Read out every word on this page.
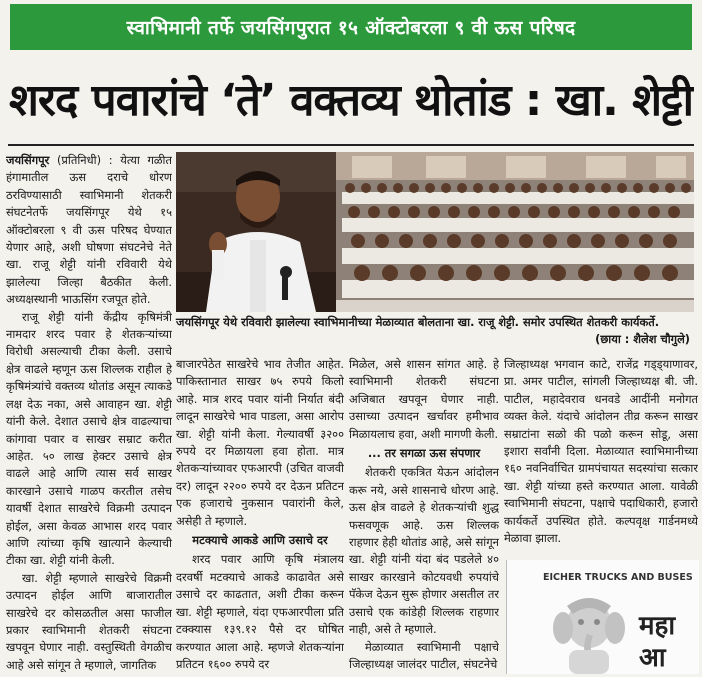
स्वाभिमानी तर्फे जयसिंगपुरात १५ ऑक्टोबरला ९ वी ऊस परिषद
शरद पवारांचे ‘ते’ वक्तव्य थोतांड : खा. शेट्टी

जयसिंगपूर (प्रतिनिधी) : येत्या गळीत हंगामातील ऊस दराचे धोरण ठरविण्यासाठी स्वाभिमानी शेतकरी संघटनेतर्फे जयसिंगपूर येथे १५ ऑक्टोबरला ९ वी ऊस परिषद घेण्यात येणार आहे, अशी घोषणा संघटनेचे नेते खा. राजू शेट्टी यांनी रविवारी येथे झालेल्या जिल्हा बैठकीत केली. अध्यक्षस्थानी भाऊसिंग रजपूत होते.

राजू शेट्टी यांनी केंद्रीय कृषिमंत्री नामदार शरद पवार हे शेतकऱ्यांच्या विरोधी असल्याची टीका केली. उसाचे क्षेत्र वाढले म्हणून ऊस शिल्लक राहील हे कृषिमंत्र्यांचे वक्तव्य थोतांड असून त्याकडे लक्ष देऊ नका, असे आवाहन खा. शेट्टी यांनी केले. देशात उसाचे क्षेत्र वाढल्याचा कांगावा पवार व साखर सम्राट करीत आहेत. ५० लाख हेक्टर उसाचे क्षेत्र वाढले आहे आणि त्यास सर्व साखर कारखाने उसाचे गाळप करतील तसेच यावर्षी देशात साखरेचे विक्रमी उत्पादन होईल, असा केवळ आभास शरद पवार आणि त्यांच्या कृषि खात्याने केल्याची टीका खा. शेट्टी यांनी केली.

खा. शेट्टी म्हणाले साखरेचे विक्रमी उत्पादन होईल आणि बाजारातील साखरेचे दर कोसळतील असा फाजील प्रकार स्वाभिमानी शेतकरी संघटना खपवून घेणार नाही. वस्तुस्थिती वेगळीच आहे असे सांगून ते म्हणाले, जागतिक

जयसिंगपूर येथे रविवारी झालेल्या स्वाभिमानीच्या मेळाव्यात बोलताना खा. राजू शेट्टी. समोर उपस्थित शेतकरी कार्यकर्ते.
(छाया : शैलेश चौगुले)

बाजारपेठेत साखरेचे भाव तेजीत आहेत. पाकिस्तानात साखर ७५ रुपये किलो आहे. मात्र शरद पवार यांनी निर्यात बंदी लादून साखरेचे भाव पाडला, असा आरोप खा. शेट्टी यांनी केला. गेल्यावर्षी ३२०० रुपये दर मिळायला हवा होता. मात्र शेतकऱ्यांच्यावर एफआरपी (उचित वाजवी दर) लादून २२०० रुपये दर देऊन प्रतिटन एक हजाराचे नुकसान पवारांनी केले, असेही ते म्हणाले.

मटक्याचे आकडे आणि उसाचे दर

शरद पवार आणि कृषि मंत्रालय दरवर्षी मटक्याचे आकडे काढावेत असे उसाचे दर काढतात, अशी टीका करून खा. शेट्टी म्हणाले, यंदा एफआरपीला प्रति टक्क्यास १३९.१२ पैसे दर घोषित करण्यात आला आहे. म्हणजे शेतकऱ्यांना प्रतिटन १६०० रुपये दर

मिळेल, असे शासन सांगत आहे. हे स्वाभिमानी शेतकरी संघटना अजिबात खपवून घेणार नाही. उसाच्या उत्पादन खर्चावर हमीभाव मिळायलाच हवा, अशी मागणी केली.

... तर सगळा ऊस संपणार

शेतकरी एकत्रित येऊन आंदोलन करू नये, असे शासनाचे धोरण आहे. ऊस क्षेत्र वाढले हे शेतकऱ्यांची शुद्ध फसवणूक आहे. ऊस शिल्लक राहणार हेही थोतांड आहे, असे सांगून खा. शेट्टी यांनी यंदा बंद पडलेले ४० साखर कारखाने कोटयवधी रुपयांचे पॅकेज देऊन सुरू होणार असतील तर उसाचे एक कांडेही शिल्लक राहणार नाही, असे ते म्हणाले.

मेळाव्यात स्वाभिमानी पक्षाचे जिल्हाध्यक्ष जालंदर पाटील, संघटनेचे

जिल्हाध्यक्ष भगवान काटे, राजेंद्र गड्ड्याणावर, प्रा. अमर पाटील, सांगली जिल्हाध्यक्ष बी. जी. पाटील, महादेवराव धनवडे आदींनी मनोगत व्यक्त केले. यंदाचे आंदोलन तीव्र करून साखर सम्राटांना सळो की पळो करून सोडू, असा इशारा सर्वांनी दिला. मेळाव्यात स्वाभिमानीच्या १६० नवनिर्वाचित ग्रामपंचायत सदस्यांचा सत्कार खा. शेट्टी यांच्या हस्ते करण्यात आला. यावेळी स्वाभिमानी संघटना, पक्षाचे पदाधिकारी, हजारो कार्यकर्ते उपस्थित होते. कल्पवृक्ष गार्डनमध्ये मेळावा झाला.

EICHER TRUCKS AND BUSES
महा
आ
